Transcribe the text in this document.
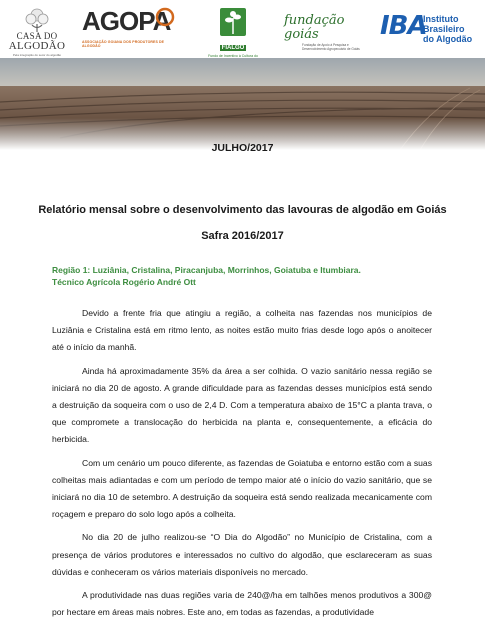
CASA DO
ALGODÃO
Pela integração do setor do algodão
AGOPA
ASSOCIAÇÃO GOIANA DOS PRODUTORES DE ALGODÃO	FIALGO
Fundo de Incentivo à Cultura do
fundação goiás
Fundação de Apoio à Pesquisa e Desenvolvimento Agropecuário de Goiás
IBA
Instituto
Brasileiro
do Algodão
JULHO/2017
Relatório mensal sobre o desenvolvimento das lavouras de algodão em Goiás
Safra 2016/2017
Região 1: Luziânia, Cristalina, Piracanjuba, Morrinhos, Goiatuba e Itumbiara.
Técnico Agrícola Rogério André Ott

Devido a frente fria que atingiu a região, a colheita nas fazendas nos municípios de Luziânia e Cristalina está em ritmo lento, as noites estão muito frias desde logo após o anoitecer até o início da manhã.

Ainda há aproximadamente 35% da área a ser colhida. O vazio sanitário nessa região se iniciará no dia 20 de agosto. A grande dificuldade para as fazendas desses municípios está sendo a destruição da soqueira com o uso de 2,4 D. Com a temperatura abaixo de 15°C a planta trava, o que compromete a translocação do herbicida na planta e, consequentemente, a eficácia do herbicida.

Com um cenário um pouco diferente, as fazendas de Goiatuba e entorno estão com a suas colheitas mais adiantadas e com um período de tempo maior até o início do vazio sanitário, que se iniciará no dia 10 de setembro. A destruição da soqueira está sendo realizada mecanicamente com roçagem e preparo do solo logo após a colheita.

No dia 20 de julho realizou-se “O Dia do Algodão” no Município de Cristalina, com a presença de vários produtores e interessados no cultivo do algodão, que esclareceram as suas dúvidas e conheceram os vários materiais disponíveis no mercado.

A produtividade nas duas regiões varia de 240@/ha em talhões menos produtivos a 300@ por hectare em áreas mais nobres. Este ano, em todas as fazendas, a produtividade
